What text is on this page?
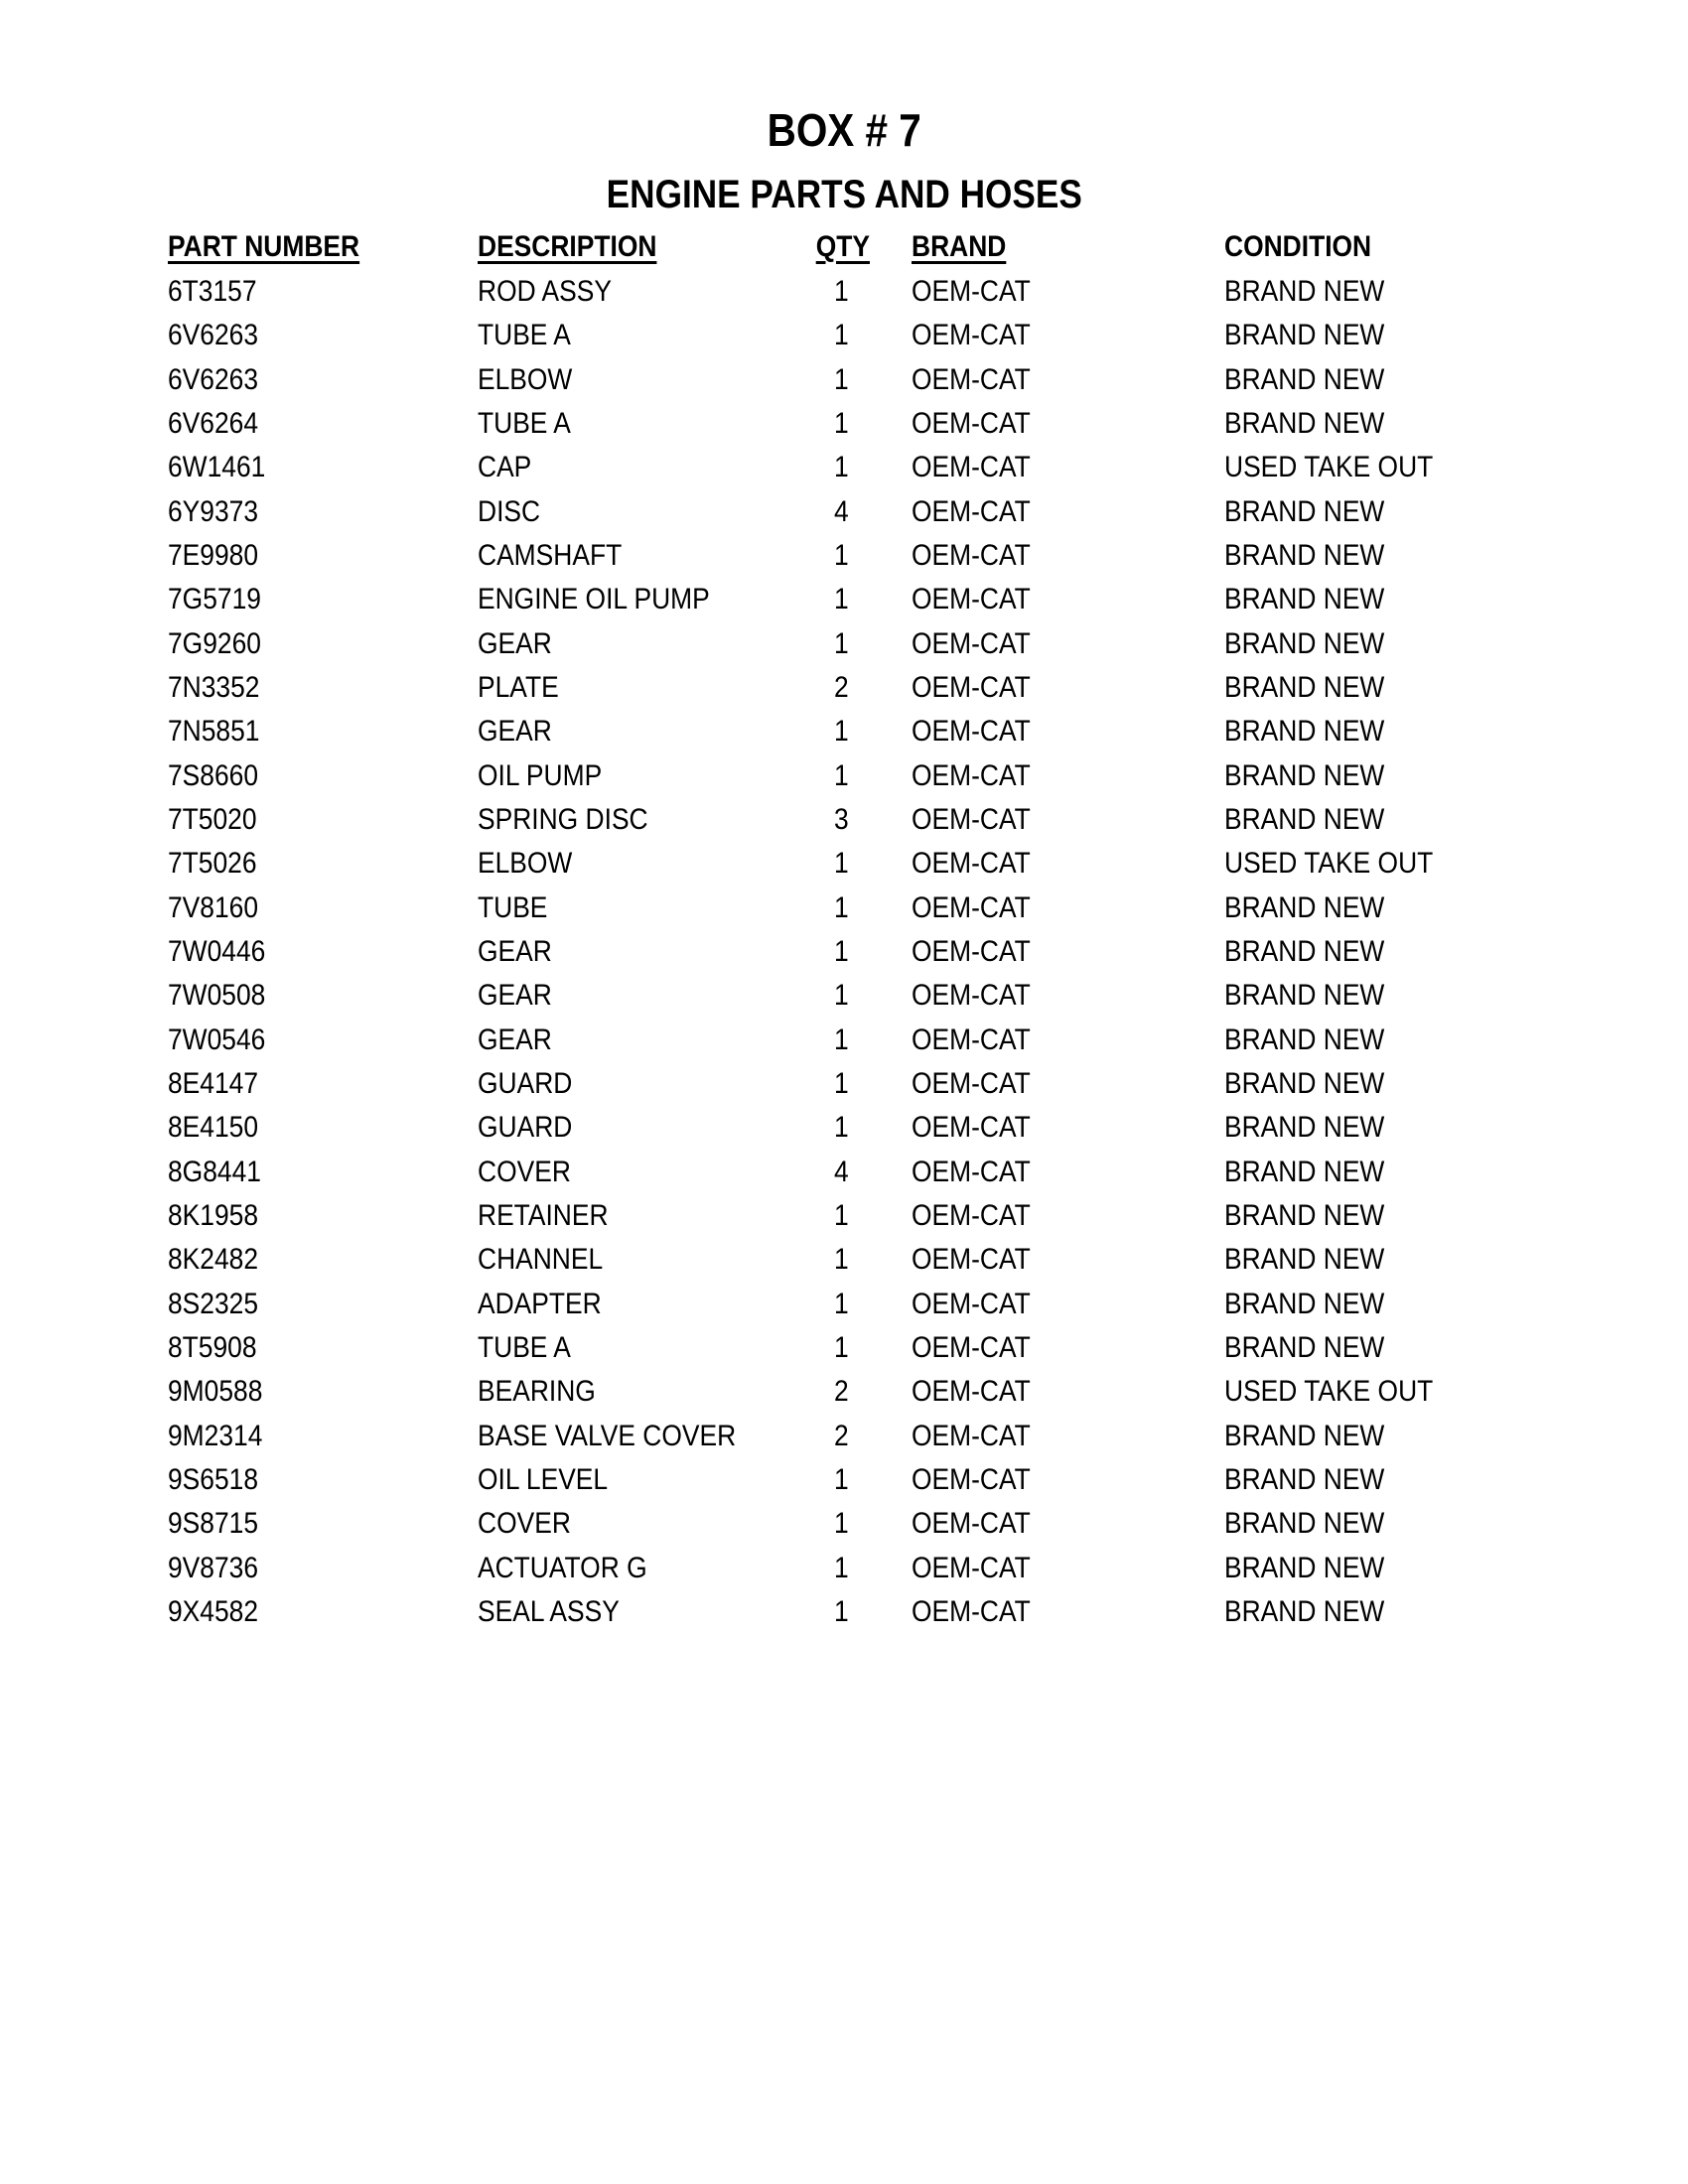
BOX # 7
ENGINE PARTS AND HOSES
PART NUMBER	DESCRIPTION	QTY	BRAND	CONDITION
6T3157	ROD ASSY	1	OEM-CAT	BRAND NEW
6V6263	TUBE A	1	OEM-CAT	BRAND NEW
6V6263	ELBOW	1	OEM-CAT	BRAND NEW
6V6264	TUBE A	1	OEM-CAT	BRAND NEW
6W1461	CAP	1	OEM-CAT	USED TAKE OUT
6Y9373	DISC	4	OEM-CAT	BRAND NEW
7E9980	CAMSHAFT	1	OEM-CAT	BRAND NEW
7G5719	ENGINE OIL PUMP	1	OEM-CAT	BRAND NEW
7G9260	GEAR	1	OEM-CAT	BRAND NEW
7N3352	PLATE	2	OEM-CAT	BRAND NEW
7N5851	GEAR	1	OEM-CAT	BRAND NEW
7S8660	OIL PUMP	1	OEM-CAT	BRAND NEW
7T5020	SPRING DISC	3	OEM-CAT	BRAND NEW
7T5026	ELBOW	1	OEM-CAT	USED TAKE OUT
7V8160	TUBE	1	OEM-CAT	BRAND NEW
7W0446	GEAR	1	OEM-CAT	BRAND NEW
7W0508	GEAR	1	OEM-CAT	BRAND NEW
7W0546	GEAR	1	OEM-CAT	BRAND NEW
8E4147	GUARD	1	OEM-CAT	BRAND NEW
8E4150	GUARD	1	OEM-CAT	BRAND NEW
8G8441	COVER	4	OEM-CAT	BRAND NEW
8K1958	RETAINER	1	OEM-CAT	BRAND NEW
8K2482	CHANNEL	1	OEM-CAT	BRAND NEW
8S2325	ADAPTER	1	OEM-CAT	BRAND NEW
8T5908	TUBE A	1	OEM-CAT	BRAND NEW
9M0588	BEARING	2	OEM-CAT	USED TAKE OUT
9M2314	BASE VALVE COVER	2	OEM-CAT	BRAND NEW
9S6518	OIL LEVEL	1	OEM-CAT	BRAND NEW
9S8715	COVER	1	OEM-CAT	BRAND NEW
9V8736	ACTUATOR G	1	OEM-CAT	BRAND NEW
9X4582	SEAL ASSY	1	OEM-CAT	BRAND NEW
